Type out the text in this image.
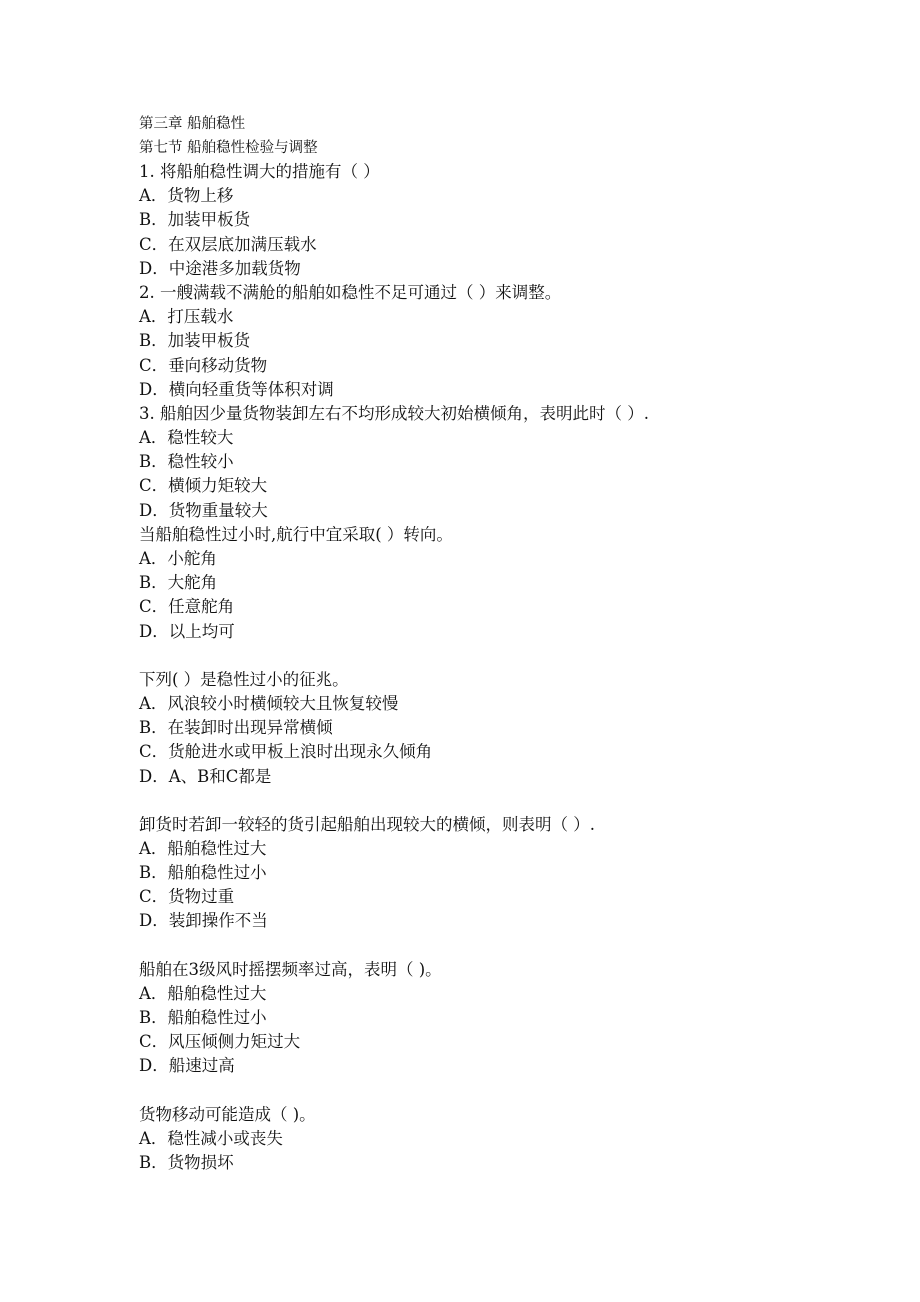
第三章 船舶稳性
第七节 船舶稳性检验与调整
1. 将船舶稳性调大的措施有（ ）
A．货物上移
B．加装甲板货
C．在双层底加满压载水
D．中途港多加载货物
2. 一艘满载不满舱的船舶如稳性不足可通过（ ）来调整。
A．打压载水
B．加装甲板货
C．垂向移动货物
D．横向轻重货等体积对调
3. 船舶因少量货物装卸左右不均形成较大初始横倾角，表明此时（ ）.
A．稳性较大
B．稳性较小
C．横倾力矩较大
D．货物重量较大
当船舶稳性过小时,航行中宜采取( ）转向。
A．小舵角
B．大舵角
C．任意舵角
D．以上均可
下列( ）是稳性过小的征兆。
A．风浪较小时横倾较大且恢复较慢
B．在装卸时出现异常横倾
C．货舱进水或甲板上浪时出现永久倾角
D．A、B和C都是
卸货时若卸一较轻的货引起船舶出现较大的横倾，则表明（ ）.
A．船舶稳性过大
B．船舶稳性过小
C．货物过重
D．装卸操作不当
船舶在3级风时摇摆频率过高，表明（ )。
A．船舶稳性过大
B．船舶稳性过小
C．风压倾侧力矩过大
D．船速过高
货物移动可能造成（ )。
A．稳性减小或丧失
B．货物损坏
